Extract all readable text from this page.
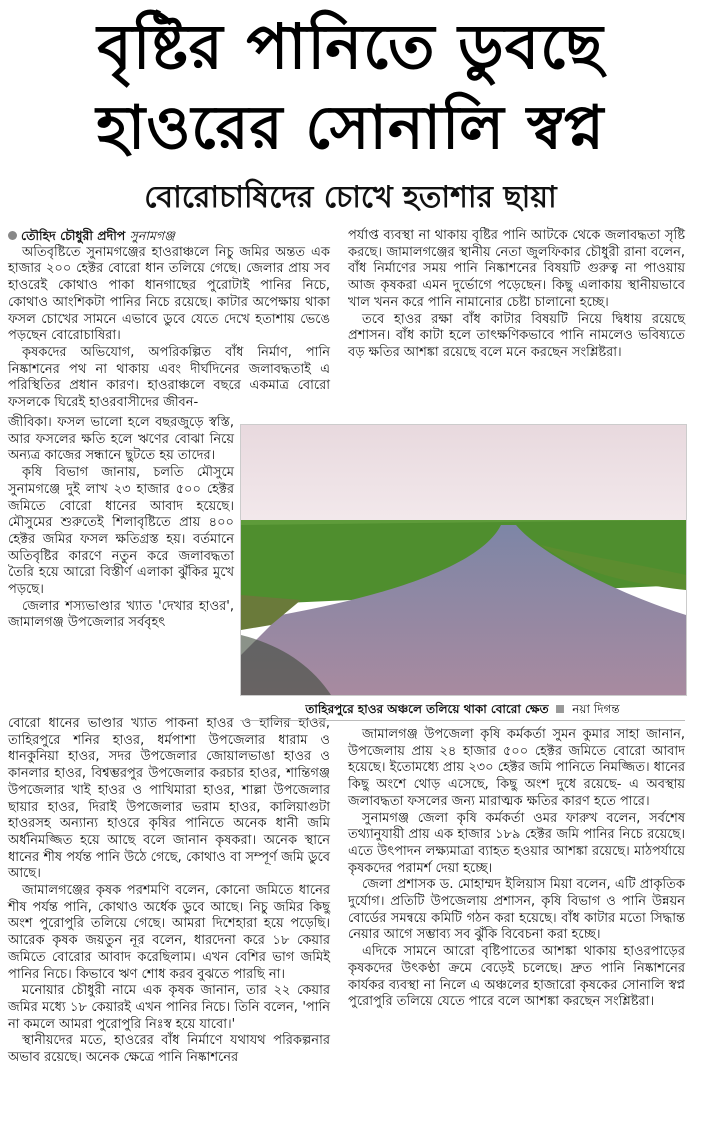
বৃষ্টির পানিতে ডুবছে
হাওরের সোনালি স্বপ্ন
বোরোচাষিদের চোখে হতাশার ছায়া

তৌহিদ চৌধুরী প্রদীপ সুনামগঞ্জ

অতিবৃষ্টিতে সুনামগঞ্জের হাওরাঞ্চলে নিচু জমির অন্তত এক হাজার ২০০ হেক্টর বোরো ধান তলিয়ে গেছে। জেলার প্রায় সব হাওরেই কোথাও পাকা ধানগাছের পুরোটাই পানির নিচে, কোথাও আংশিকটা পানির নিচে রয়েছে। কাটার অপেক্ষায় থাকা ফসল চোখের সামনে এভাবে ডুবে যেতে দেখে হতাশায় ভেঙে পড়ছেন বোরোচাষিরা।

কৃষকদের অভিযোগ, অপরিকল্পিত বাঁধ নির্মাণ, পানি নিষ্কাশনের পথ না থাকায় এবং দীর্ঘদিনের জলাবদ্ধতাই এ পরিস্থিতির প্রধান কারণ। হাওরাঞ্চলে বছরে একমাত্র বোরো ফসলকে ঘিরেই হাওরবাসীদের জীবন-

জীবিকা। ফসল ভালো হলে বছরজুড়ে স্বস্তি, আর ফসলের ক্ষতি হলে ঋণের বোঝা নিয়ে অন্যত্র কাজের সন্ধানে ছুটতে হয় তাদের।

কৃষি বিভাগ জানায়, চলতি মৌসুমে সুনামগঞ্জে দুই লাখ ২৩ হাজার ৫০০ হেক্টর জমিতে বোরো ধানের আবাদ হয়েছে। মৌসুমের শুরুতেই শিলাবৃষ্টিতে প্রায় ৪০০ হেক্টর জমির ফসল ক্ষতিগ্রস্ত হয়। বর্তমানে অতিবৃষ্টির কারণে নতুন করে জলাবদ্ধতা তৈরি হয়ে আরো বিস্তীর্ণ এলাকা ঝুঁকির মুখে পড়ছে।

জেলার শস্যভাণ্ডার খ্যাত 'দেখার হাওর', জামালগঞ্জ উপজেলার সর্ববৃহৎ

বোরো ধানের ভাণ্ডার খ্যাত পাকনা হাওর ও হালির হাওর, তাহিরপুরে শনির হাওর, ধর্মপাশা উপজেলার ধারাম ও ধানকুনিয়া হাওর, সদর উপজেলার জোয়ালভাঙা হাওর ও কানলার হাওর, বিশ্বম্ভরপুর উপজেলার করচার হাওর, শান্তিগঞ্জ উপজেলার খাই হাওর ও পাখিমারা হাওর, শাল্লা উপজেলার ছায়ার হাওর, দিরাই উপজেলার ভরাম হাওর, কালিয়াগুটা হাওরসহ অন্যান্য হাওরে কৃষির পানিতে অনেক ধানী জমি অর্ধনিমজ্জিত হয়ে আছে বলে জানান কৃষকরা। অনেক স্থানে ধানের শীষ পর্যন্ত পানি উঠে গেছে, কোথাও বা সম্পূর্ণ জমি ডুবে আছে।

জামালগঞ্জের কৃষক পরশমণি বলেন, কোনো জমিতে ধানের শীষ পর্যন্ত পানি, কোথাও অর্ধেক ডুবে আছে। নিচু জমির কিছু অংশ পুরোপুরি তলিয়ে গেছে। আমরা দিশেহারা হয়ে পড়েছি। আরেক কৃষক জয়তুন নূর বলেন, ধারদেনা করে ১৮ কেয়ার জমিতে বোরোর আবাদ করেছিলাম। এখন বেশির ভাগ জমিই পানির নিচে। কিভাবে ঋণ শোধ করব বুঝতে পারছি না।

মনোয়ার চৌধুরী নামে এক কৃষক জানান, তার ২২ কেয়ার জমির মধ্যে ১৮ কেয়ারই এখন পানির নিচে। তিনি বলেন, 'পানি না কমলে আমরা পুরোপুরি নিঃস্ব হয়ে যাবো।'

স্থানীয়দের মতে, হাওরের বাঁধ নির্মাণে যথাযথ পরিকল্পনার অভাব রয়েছে। অনেক ক্ষেত্রে পানি নিষ্কাশনের

পর্যাপ্ত ব্যবস্থা না থাকায় বৃষ্টির পানি আটকে থেকে জলাবদ্ধতা সৃষ্টি করছে। জামালগঞ্জের স্থানীয় নেতা জুলফিকার চৌধুরী রানা বলেন, বাঁধ নির্মাণের সময় পানি নিষ্কাশনের বিষয়টি গুরুত্ব না পাওয়ায় আজ কৃষকরা এমন দুর্ভোগে পড়েছেন। কিছু এলাকায় স্থানীয়ভাবে খাল খনন করে পানি নামানোর চেষ্টা চালানো হচ্ছে।

তবে হাওর রক্ষা বাঁধ কাটার বিষয়টি নিয়ে দ্বিধায় রয়েছে প্রশাসন। বাঁধ কাটা হলে তাৎক্ষণিকভাবে পানি নামলেও ভবিষ্যতে বড় ক্ষতির আশঙ্কা রয়েছে বলে মনে করছেন সংশ্লিষ্টরা।

তাহিরপুরে হাওর অঞ্চলে তলিয়ে থাকা বোরো ক্ষেত নয়া দিগন্ত

জামালগঞ্জ উপজেলা কৃষি কর্মকর্তা সুমন কুমার সাহা জানান, উপজেলায় প্রায় ২৪ হাজার ৫০০ হেক্টর জমিতে বোরো আবাদ হয়েছে। ইতোমধ্যে প্রায় ২৩০ হেক্টর জমি পানিতে নিমজ্জিত। ধানের কিছু অংশে থোড় এসেছে, কিছু অংশ দুধে রয়েছে- এ অবস্থায় জলাবদ্ধতা ফসলের জন্য মারাত্মক ক্ষতির কারণ হতে পারে।

সুনামগঞ্জ জেলা কৃষি কর্মকর্তা ওমর ফারুখ বলেন, সর্বশেষ তথ্যানুযায়ী প্রায় এক হাজার ১৮৯ হেক্টর জমি পানির নিচে রয়েছে। এতে উৎপাদন লক্ষ্যমাত্রা ব্যাহত হওয়ার আশঙ্কা রয়েছে। মাঠপর্যায়ে কৃষকদের পরামর্শ দেয়া হচ্ছে।

জেলা প্রশাসক ড. মোহাম্মদ ইলিয়াস মিয়া বলেন, এটি প্রাকৃতিক দুর্যোগ। প্রতিটি উপজেলায় প্রশাসন, কৃষি বিভাগ ও পানি উন্নয়ন বোর্ডের সমন্বয়ে কমিটি গঠন করা হয়েছে। বাঁধ কাটার মতো সিদ্ধান্ত নেয়ার আগে সম্ভাব্য সব ঝুঁকি বিবেচনা করা হচ্ছে।

এদিকে সামনে আরো বৃষ্টিপাতের আশঙ্কা থাকায় হাওরপাড়ের কৃষকদের উৎকণ্ঠা ক্রমে বেড়েই চলেছে। দ্রুত পানি নিষ্কাশনের কার্যকর ব্যবস্থা না নিলে এ অঞ্চলের হাজারো কৃষকের সোনালি স্বপ্ন পুরোপুরি তলিয়ে যেতে পারে বলে আশঙ্কা করছেন সংশ্লিষ্টরা।
